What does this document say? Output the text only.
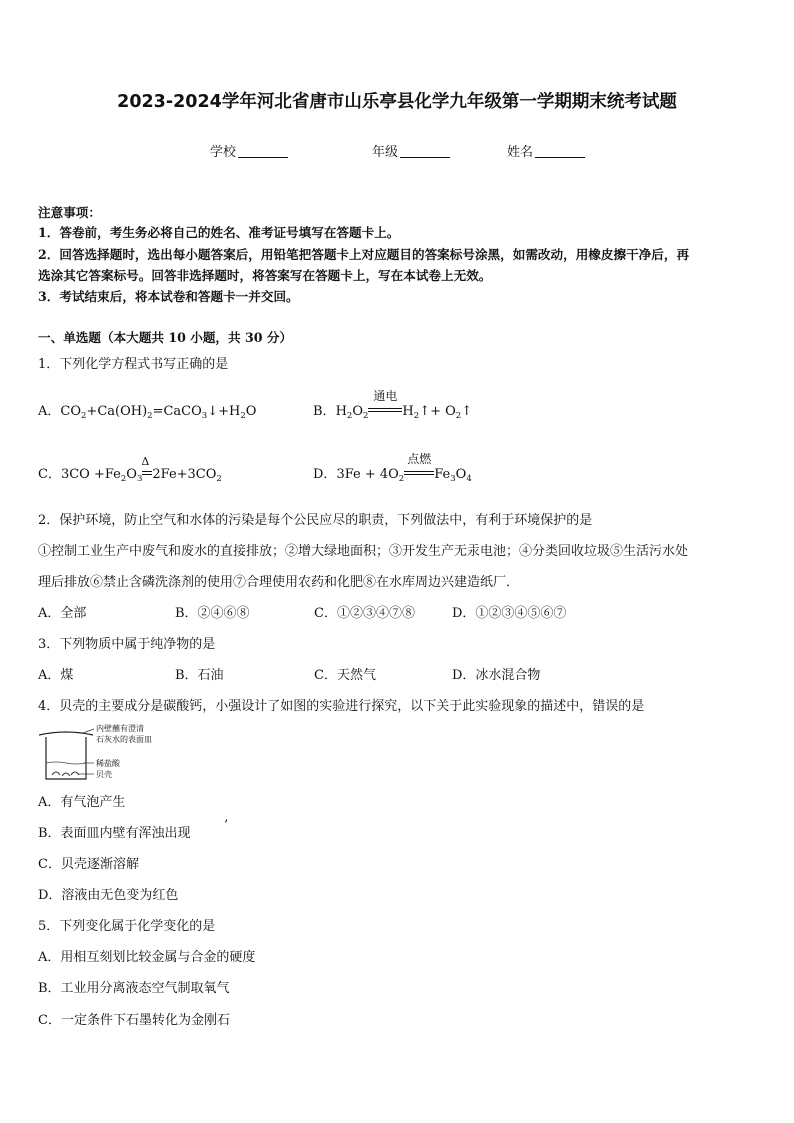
2023-2024学年河北省唐市山乐亭县化学九年级第一学期期末统考试题
学校	年级	姓名
注意事项：
1．答卷前，考生务必将自己的姓名、准考证号填写在答题卡上。
2．回答选择题时，选出每小题答案后，用铅笔把答题卡上对应题目的答案标号涂黑，如需改动，用橡皮擦干净后，再
选涂其它答案标号。回答非选择题时，将答案写在答题卡上，写在本试卷上无效。
3．考试结束后，将本试卷和答题卡一并交回。
一、单选题（本大题共 10 小题，共 30 分）
1．下列化学方程式书写正确的是
A．$CO_2+Ca(OH)_2=CaCO_3↓+H_2O$	B．$H_2O_2$
通电
$H_2↑+$ $O_2↑$
C．$3CO +Fe_2O_3$
Δ
$2Fe+3CO_2$	D．$3Fe + 4O_2$
点燃
$Fe_3O_4$
2．保护环境，防止空气和水体的污染是每个公民应尽的职责，下列做法中，有利于环境保护的是
①控制工业生产中废气和废水的直接排放；②增大绿地面积；③开发生产无汞电池；④分类回收垃圾⑤生活污水处
理后排放⑥禁止含磷洗涤剂的使用⑦合理使用农药和化肥⑧在水库周边兴建造纸厂．
A．全部	B．②④⑥⑧	C．①②③④⑦⑧	D．①②③④⑤⑥⑦
3．下列物质中属于纯净物的是
A．煤	B．石油	C．天然气	D．冰水混合物
4．贝壳的主要成分是碳酸钙，小强设计了如图的实验进行探究，以下关于此实验现象的描述中，错误的是
内壁蘸有澄清
石灰水的表面皿
稀盐酸
贝壳
A．有气泡产生
B．表面皿内壁有浑浊出现
’
C．贝壳逐渐溶解
D．溶液由无色变为红色
5．下列变化属于化学变化的是
A．用相互刻划比较金属与合金的硬度
B．工业用分离液态空气制取氧气
C．一定条件下石墨转化为金刚石
